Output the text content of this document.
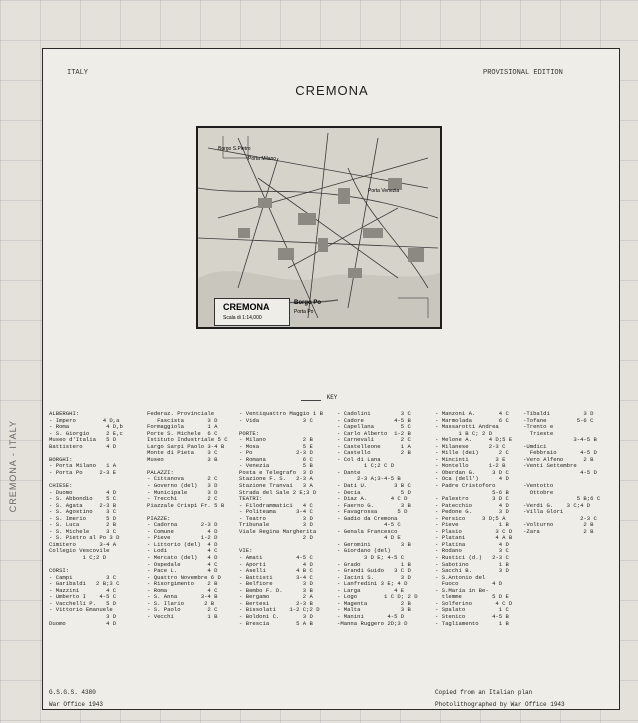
CREMONA - ITALY
ITALY	PROVISIONAL EDITION
CREMONA
CREMONA
Scala di 1:14,000
Borgo S.Pietro
Porta Milano
Porta Venezia
Borgo Po
Porta Po
KEY
ALBERGHI:
- Impero        4 D,a
- Roma           4 D,b
- S. Giorgio     2 E,c
Museo d'Italia   5 D
Battistero       4 D

BORGHI:
- Porta Milano   1 A
- Porta Po     2-3 E

CHIESE:
- Duomo          4 D
- S. Abbondio    5 C
- S. Agata     2-3 B
- S. Agostino    3 C
- S. Imerio      5 D
- S. Luca        2 B
- S. Michele     3 C
- S. Pietro al Po 3 D
Cimitero       3-4 A
Collegio Vescovile
1 C;2 D

CORSI:
- Campi          3 C
- Garibaldi   2 B;3 C
- Mazzini        4 C
- Umberto I    4-5 C
- Vacchelli P.   5 D
- Vittorio Emanuele
3 D
Duomo            4 D
Federaz. Provinciale
Fascista       3 D
Formaggiola       1 A
Porte S. Michele  6 C
Istituto Industriale 5 C
Largo Sarpi Paolo 3-4 B
Monte di Pieta    3 C
Museo             3 B

PALAZZI:
- Cittanova       2 C
- Governo (del)   3 D
- Municipale      3 D
- Trecchi         2 C
Piazzale Crispi Fr. 5 B

PIAZZE:
- Cadorna       2-3 D
- Comune          4 D
- Pieve         1-2 D
- Littorio (del)  4 D
- Lodi            4 C
- Mercato (del)   4 D
- Ospedale        4 C
- Pace L.         4 D
- Quattro Novembre 6 D
- Risorgimento    2 B
- Roma            4 C
- S. Anna       3-4 B
- S. Ilario      2 B
- S. Paolo        2 C
- Vecchi          1 B
- Ventiquattro Maggio 1 B
- Vida             3 C

PORTE:
- Milano           2 B
- Mosa             5 E
- Po             2-3 D
- Romana           6 C
- Venezia          5 B
Posta e Telegrafo  3 D
Stazione F. S.   2-3 A
Stazione Tranvai   3 A
Strada del Sale 2 E;3 D
TEATRI:
- Filodrammatici   4 C
- Politeama      3-4 C
- Teatro           3 D
Tribunale          3 D
Viale Regina Margherita
2 D

VIE:
- Amati          4-5 C
- Aporti           4 D
- Aselli         4 B C
- Battisti       3-4 C
- Belfiore         3 D
- Bembo F. D.      3 B
- Bergamo          2 A
- Bertesi        2-3 B
- Bissolati    1-2 C;2 D
- Boldoni C.       3 D
- Brescia        5 A B
- Cadolini         3 C
- Cadore         4-5 B
- Capellana        5 C
- Carlo Alberto  1-2 B
- Carnevali        2 C
- Castelleone      1 A
- Castello         2 B
- Col di Lana
1 C;2 C D
- Dante
2-3 A;3-4-5 B
- Dati U.        3 B C
- Decia            5 D
- Diaz A.       4 C D
- Faerno G.        3 B
- Favagrossa      5 D
- Gadio da Cremona
4-5 C
- Genala Francesco
4 D E
- Geromini         3 B
- Giordano (del)
3 D E; 4-5 C
- Grado            1 B
- Grandi Guido   3 C D
- Iacini S.        3 D
- Lanfredini 3 E; 4 D
- Larga          4 E
- Logo        1 C D; 2 D
- Magenta          2 B
- Malta            3 B
- Manini       4-5 D
-Manna Ruggero 2D;3 D
- Manzoni A.       4 C
- Marmolada        6 C
- Massarotti Andrea
1 B C; 2 D
- Melone A.     4 D;5 E
- Milanese      2-3 C
- Mille (dei)      2 C
- Mincinti        3 E
- Montello      1-2 B
- Oberdan G.     3 D C
- Oca (dell')      4 D
- Padre Cristoforo
5-6 B
- Palestro       3 D C
- Patecchio        4 D
- Pedone G.        3 D
- Persico     3 D;5 A
- Pieve            1 B
- Plasio          3 C D
- Platani         4 A B
- Platina          4 D
- Rodano           3 C
- Rustici (d.)   2-3 C
- Sabotino         1 B
- Sacchi B.        3 D
- S.Antonio del
Fuoco          4 D
- S.Maria in Be-
tlemme         5 D E
- Solferino       4 C D
- Spalato          1 C
- Stenico        4-5 B
- Tagliamento      1 B
-Tibaldi          3 D
-Tofane         5-6 C
-Trento e
Trieste
3-4-5 B
-Umdici
Febbraio       4-5 D
-Vero Alfeno      2 B
-Venti Settembre
4-5 D

-Ventotto
Ottobre
5 B;6 C
-Verdi G.    3 C;4 D
-Villa Glori
2-3 C
-Volturno         2 B
-Zara             2 B
G.S.G.S. 4380
War Office 1943
Copied from an Italian plan
Photolithographed by War Office 1943
